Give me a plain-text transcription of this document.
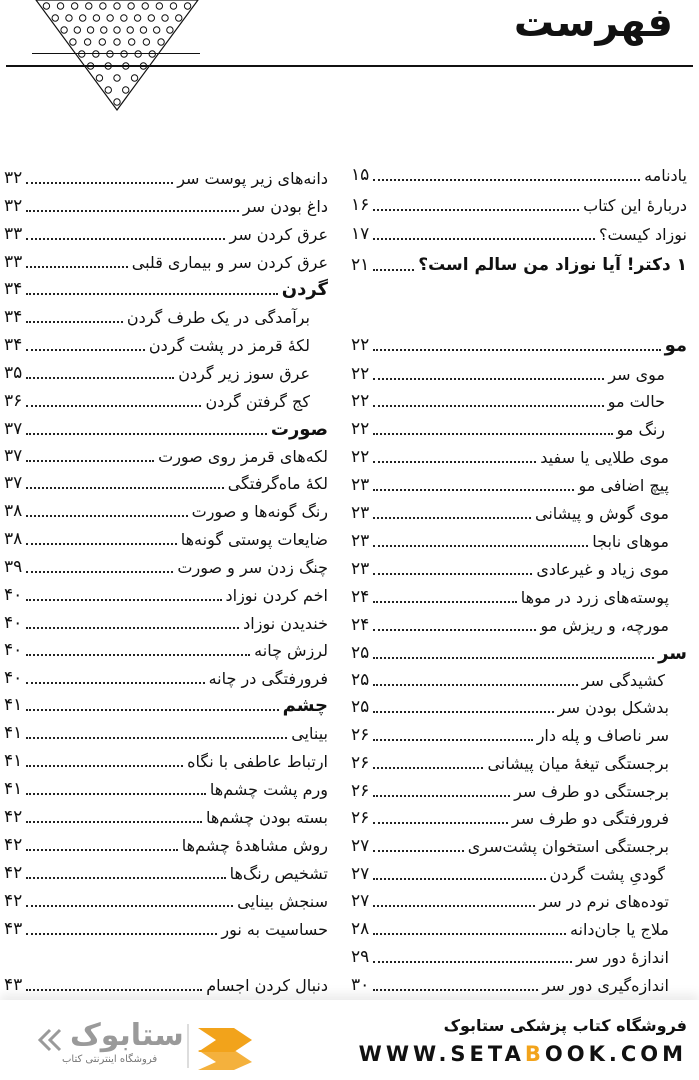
فهرست
یادنامه
۱۵
دربارهٔ این کتاب
۱۶
نوزاد کیست؟
۱۷
۱ دکتر! آیا نوزاد من سالم است؟
۲۱
مو
۲۲
موی سر
۲۲
حالت مو
۲۲
رنگ مو
۲۲
موی طلایی یا سفید
۲۲
پیچ اضافی مو
۲۳
موی گوش و پیشانی
۲۳
موهای نابجا
۲۳
موی زیاد و غیرعادی
۲۳
پوسته‌های زرد در موها
۲۴
مورچه، و ریزش مو
۲۴
سر
۲۵
کشیدگی سر
۲۵
بدشکل بودن سر
۲۵
سر ناصاف و پله دار
۲۶
برجستگی تیغهٔ میان پیشانی
۲۶
برجستگی دو طرف سر
۲۶
فرورفتگی دو طرف سر
۲۶
برجستگی استخوان پشت‌سری
۲۷
گودیِ پشت گردن
۲۷
توده‌های نرم در سر
۲۷
ملاج یا جان‌دانه
۲۸
اندازهٔ دور سر
۲۹
اندازه‌گیری دور سر
۳۰
دانه‌های زیر پوست سر
۳۲
داغ بودن سر
۳۲
عرق کردن سر
۳۳
عرق کردن سر و بیماری قلبی
۳۳
گردن
۳۴
برآمدگی در یک طرف گردن
۳۴
لکهٔ قرمز در پشت گردن
۳۴
عرق سوز زیر گردن
۳۵
کج گرفتن گردن
۳۶
صورت
۳۷
لکه‌های قرمز روی صورت
۳۷
لکهٔ ماه‌گرفتگی
۳۷
رنگ گونه‌ها و صورت
۳۸
ضایعات پوستی گونه‌ها
۳۸
چنگ زدن سر و صورت
۳۹
اخم کردن نوزاد
۴۰
خندیدن نوزاد
۴۰
لرزش چانه
۴۰
فرورفتگی در چانه
۴۰
چشم
۴۱
بینایی
۴۱
ارتباط عاطفی با نگاه
۴۱
ورم پشت چشم‌ها
۴۱
بسته بودن چشم‌ها
۴۲
روش مشاهدهٔ چشم‌ها
۴۲
تشخیص رنگ‌ها
۴۲
سنجش بینایی
۴۲
حساسیت به نور
۴۳
دنبال کردن اجسام
۴۳
فروشگاه کتاب پزشکی ستابوک
WWW.SETABOOK.COM
ستابوک
فروشگاه اینترنتی کتاب
